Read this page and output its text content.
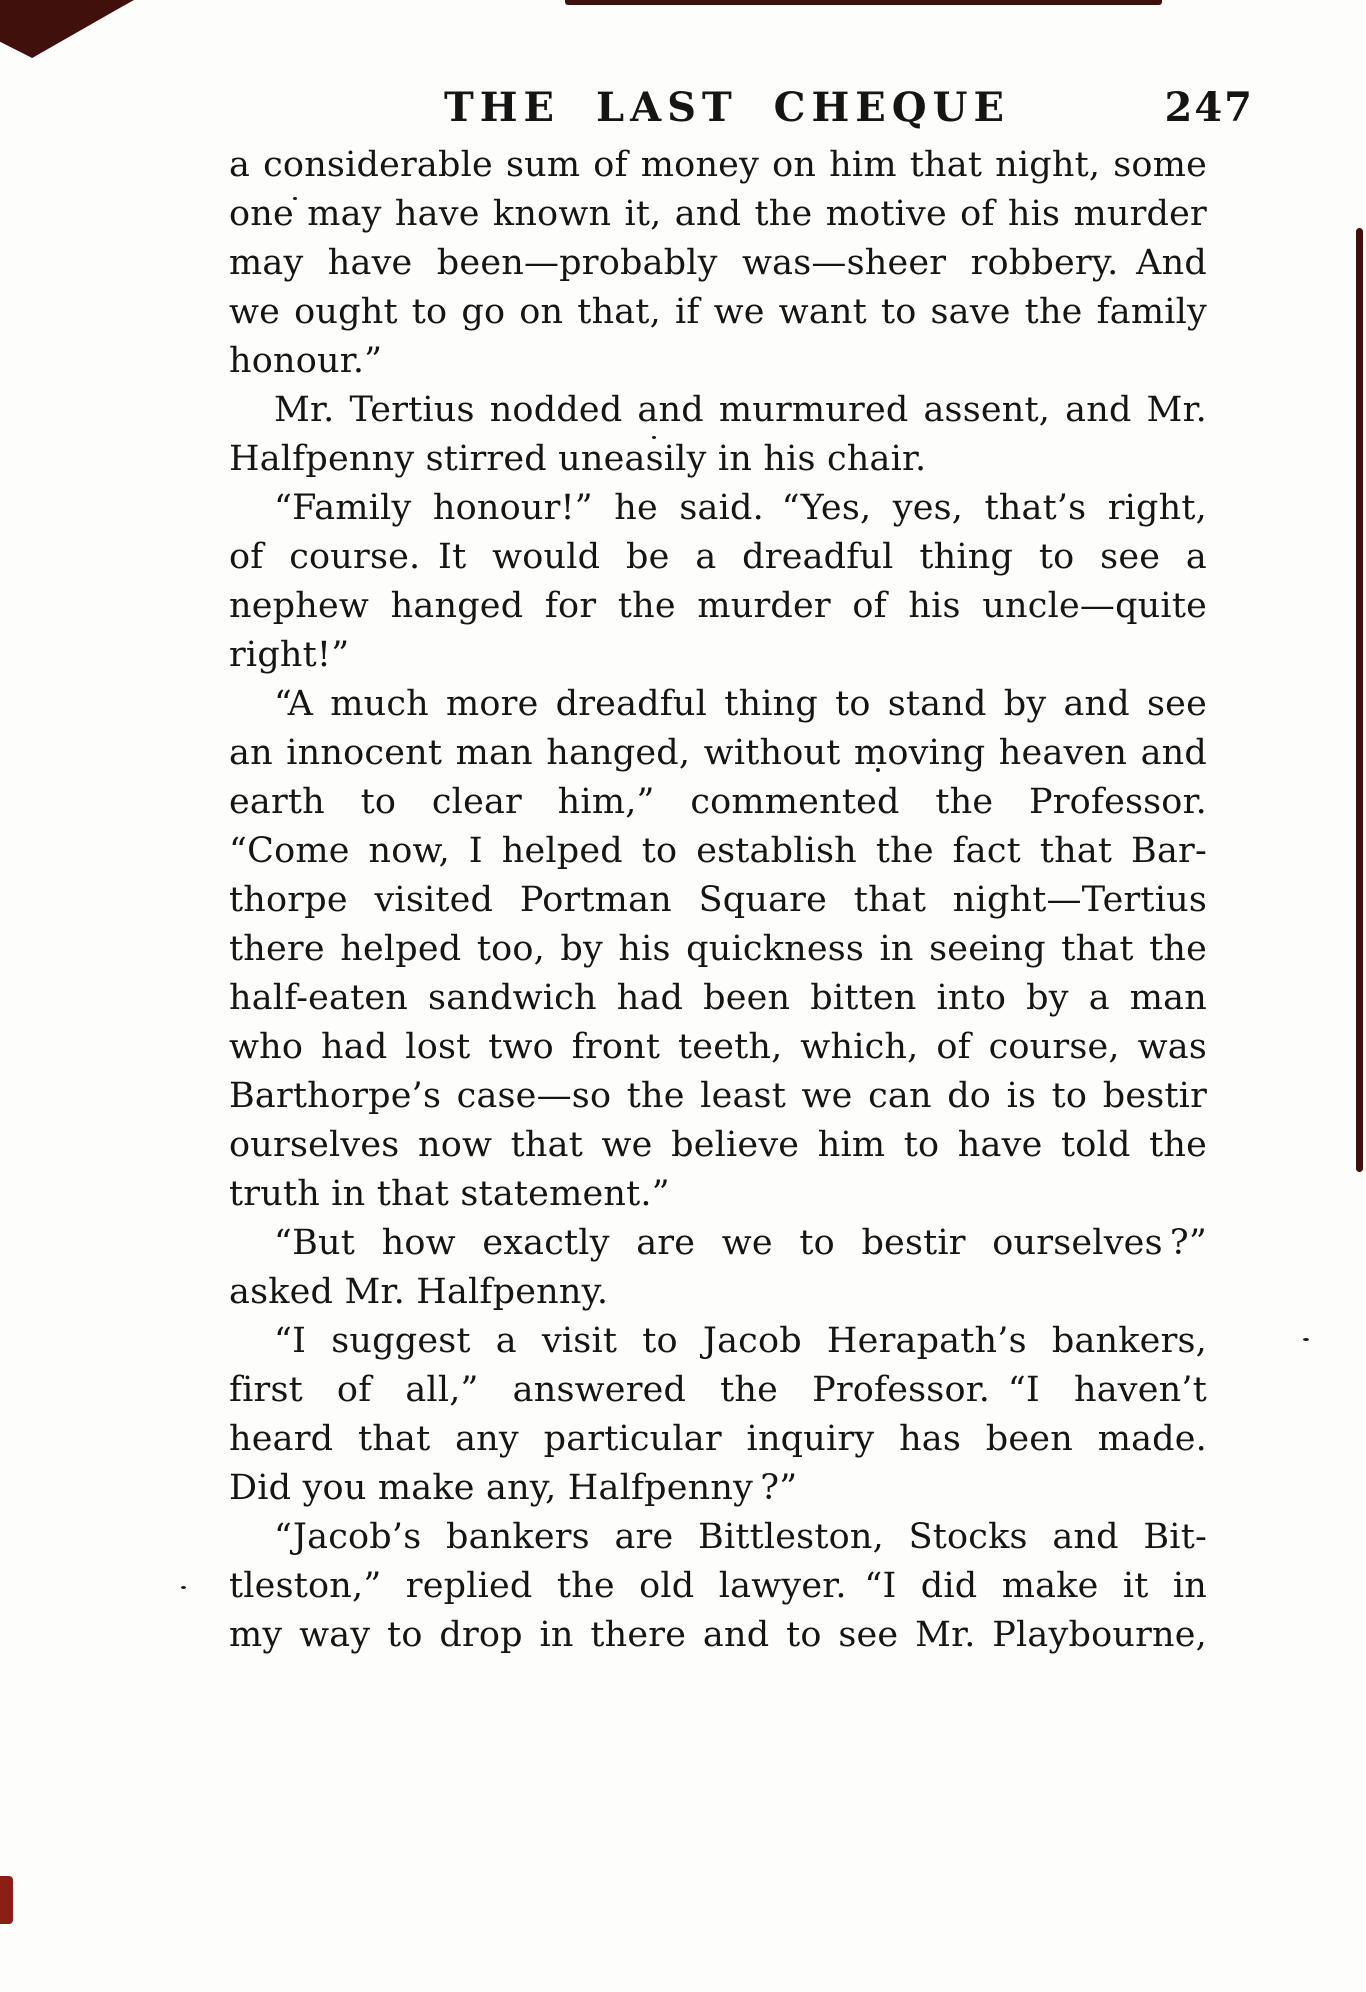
THE LAST CHEQUE	247
a considerable sum of money on him that night, some
one may have known it, and the motive of his murder
may have been—probably was—sheer robbery. And
we ought to go on that, if we want to save the family
honour.”
Mr. Tertius nodded and murmured assent, and Mr.
Halfpenny stirred uneasily in his chair.
“Family honour!” he said. “Yes, yes, that’s right,
of course. It would be a dreadful thing to see a
nephew hanged for the murder of his uncle—quite
right!”
“A much more dreadful thing to stand by and see
an innocent man hanged, without moving heaven and
earth to clear him,” commented the Professor.
“Come now, I helped to establish the fact that Bar-
thorpe visited Portman Square that night—Tertius
there helped too, by his quickness in seeing that the
half-eaten sandwich had been bitten into by a man
who had lost two front teeth, which, of course, was
Barthorpe’s case—so the least we can do is to bestir
ourselves now that we believe him to have told the
truth in that statement.”
“But how exactly are we to bestir ourselves ?”
asked Mr. Halfpenny.
“I suggest a visit to Jacob Herapath’s bankers,
first of all,” answered the Professor. “I haven’t
heard that any particular inquiry has been made.
Did you make any, Halfpenny ?”
“Jacob’s bankers are Bittleston, Stocks and Bit-
tleston,” replied the old lawyer. “I did make it in
my way to drop in there and to see Mr. Playbourne,
